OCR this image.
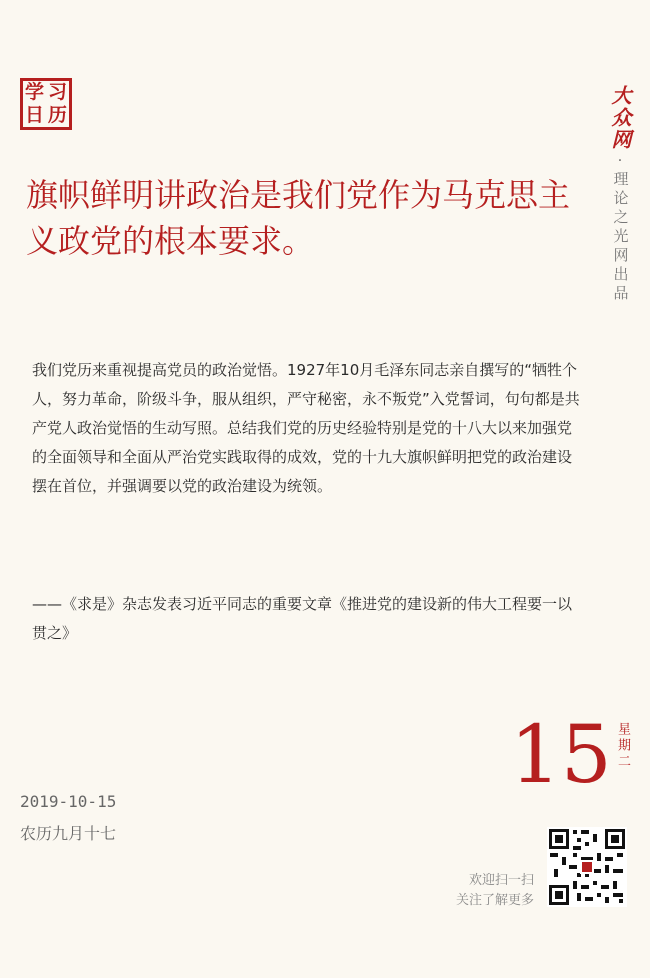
学 习
日 历	大众网
·
理论之光网出品
旗帜鲜明讲政治是我们党作为马克思主义政党的根本要求。

我们党历来重视提高党员的政治觉悟。1927年10月毛泽东同志亲自撰写的“牺牲个人，努力革命，阶级斗争，服从组织，严守秘密，永不叛党”入党誓词，句句都是共产党人政治觉悟的生动写照。总结我们党的历史经验特别是党的十八大以来加强党的全面领导和全面从严治党实践取得的成效，党的十九大旗帜鲜明把党的政治建设摆在首位，并强调要以党的政治建设为统领。

——《求是》杂志发表习近平同志的重要文章《推进党的建设新的伟大工程要一以贯之》

15 星期二
2019-10-15
农历九月十七
欢迎扫一扫
关注了解更多
